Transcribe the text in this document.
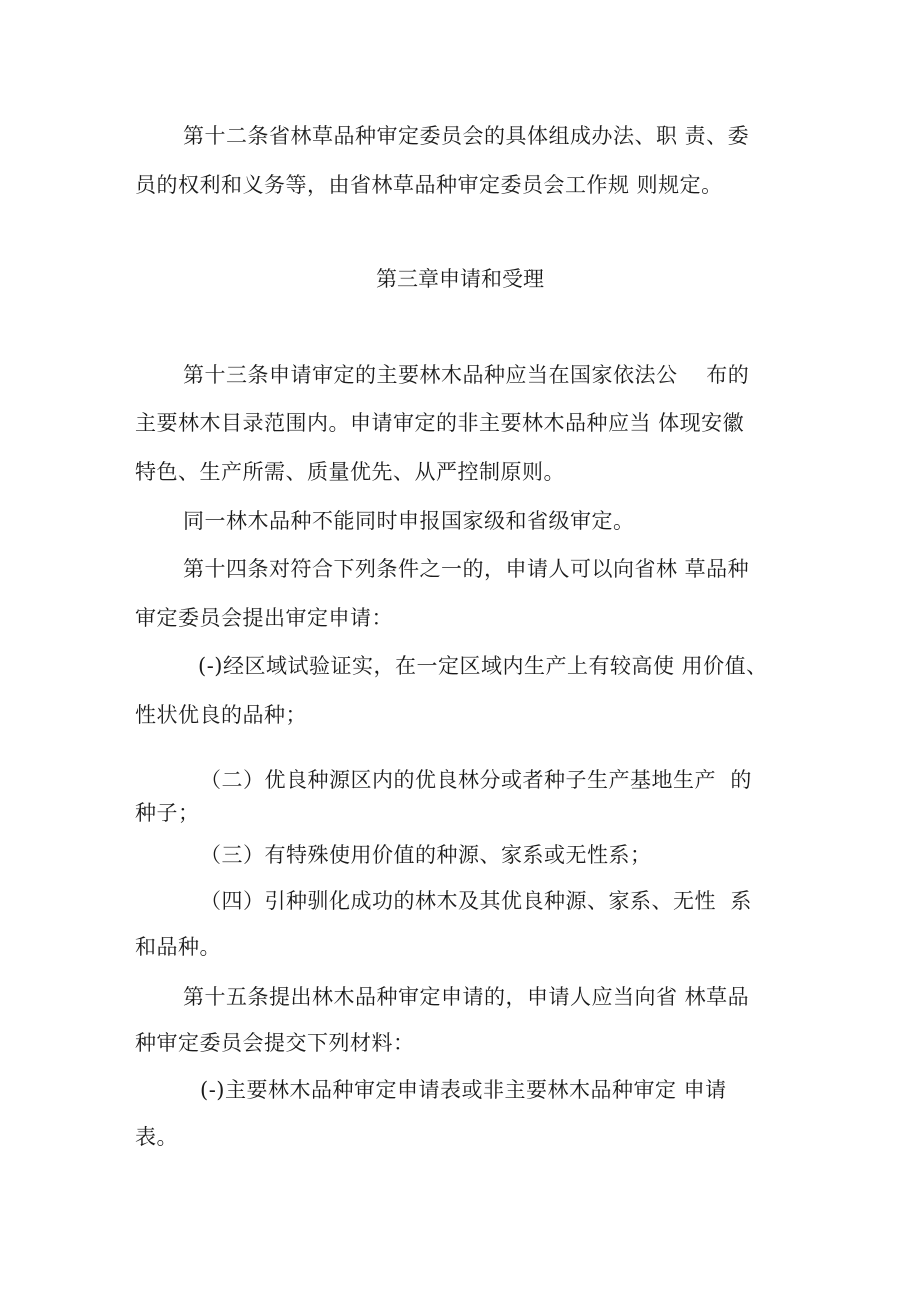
第十二条省林草品种审定委员会的具体组成办法、职 责、委
员的权利和义务等，由省林草品种审定委员会工作规 则规定。
第三章申请和受理
第十三条申请审定的主要林木品种应当在国家依法公    布的
主要林木目录范围内。申请审定的非主要林木品种应当 体现安徽
特色、生产所需、质量优先、从严控制原则。
同一林木品种不能同时申报国家级和省级审定。
第十四条对符合下列条件之一的，申请人可以向省林 草品种
审定委员会提出审定申请：
(-)经区域试验证实，在一定区域内生产上有较高使 用价值、
性状优良的品种；
（二）优良种源区内的优良林分或者种子生产基地生产  的
种子；
（三）有特殊使用价值的种源、家系或无性系；
（四）引种驯化成功的林木及其优良种源、家系、无性  系
和品种。
第十五条提出林木品种审定申请的，申请人应当向省 林草品
种审定委员会提交下列材料：
(-)主要林木品种审定申请表或非主要林木品种审定 申请
表。
